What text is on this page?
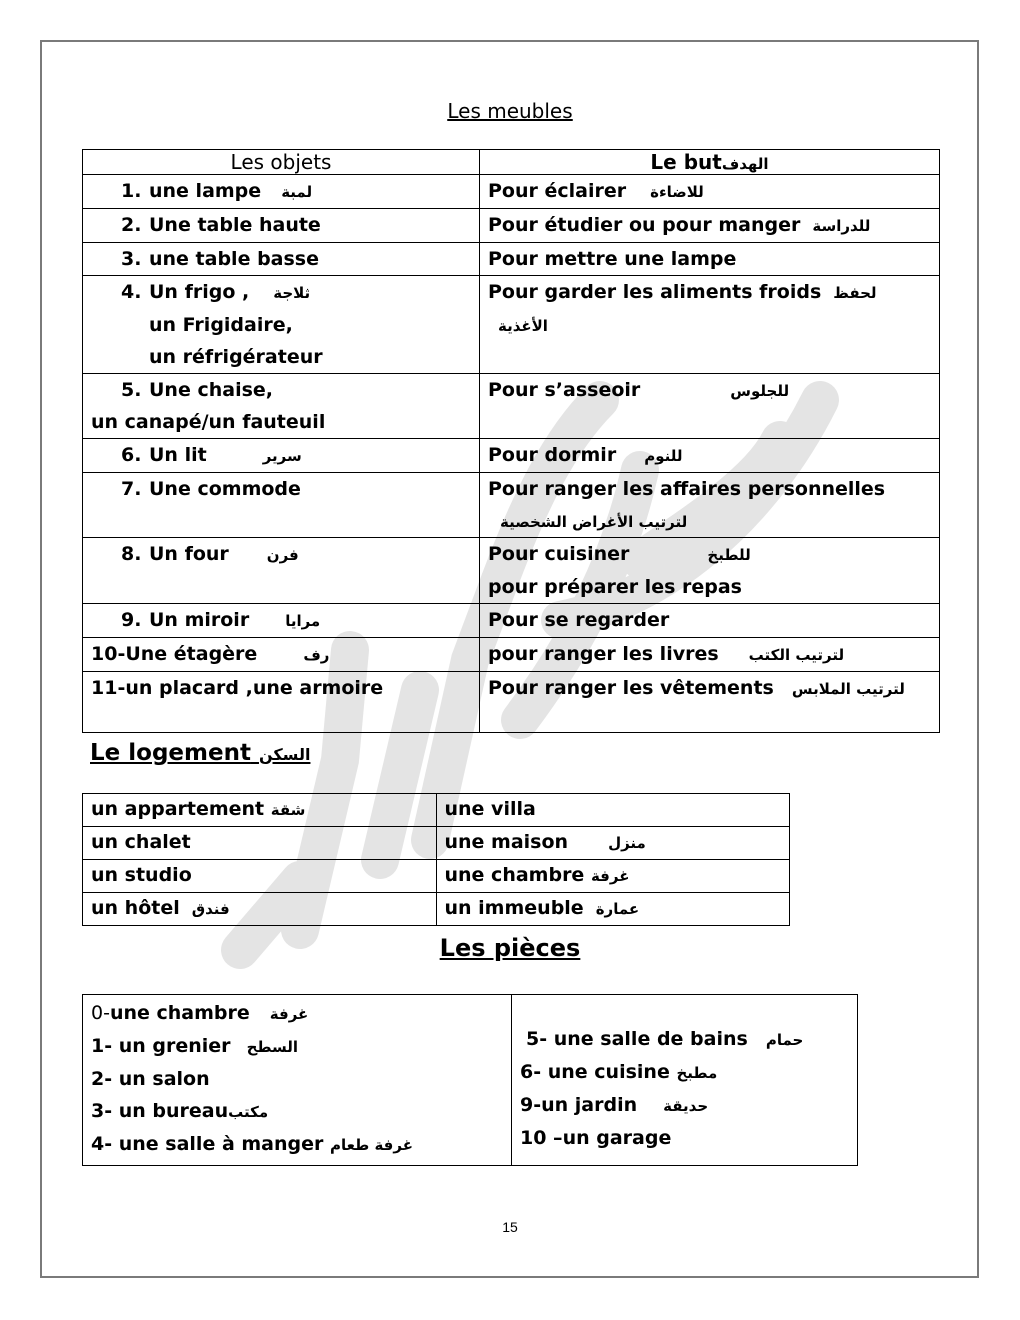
Les meubles
Les objets	Le butالهدف
1. une lampe لمبة	Pour éclairer للاضاءة
2. Une table haute	Pour étudier ou pour manger للدراسة
3. une table basse	Pour mettre une lampe
4. Un frigo , ثلاجة
un Frigidaire,
un réfrigérateur	Pour garder les aliments froids لحفظ
الأغذية
5. Une chaise,
un canapé/un fauteuil	Pour s’asseoir للجلوس
6. Un lit سرير	Pour dormir للنوم
7. Une commode	Pour ranger les affaires personnelles
لترتيب الأغراض الشخصية
8. Un four فرن	Pour cuisiner للطبخ
pour préparer les repas
9. Un miroir مرايا	Pour se regarder
10-Une étagère رف	pour ranger les livres لترتيب الكتب
11-un placard ,une armoire	Pour ranger les vêtements لترتيب الملابس
Le logement السكن
un appartement شقة	une villa
un chalet	une maison منزل
un studio	une chambre غرفة
un hôtel فندق	un immeuble عمارة
Les pièces
0-une chambre غرفة
1- un grenier السطح
2- un salon
3- un bureauمكتب
4- une salle à manger غرفة طعام

5- une salle de bains حمام
6- une cuisine مطبخ
9-un jardin حديقة
10 –un garage
15
